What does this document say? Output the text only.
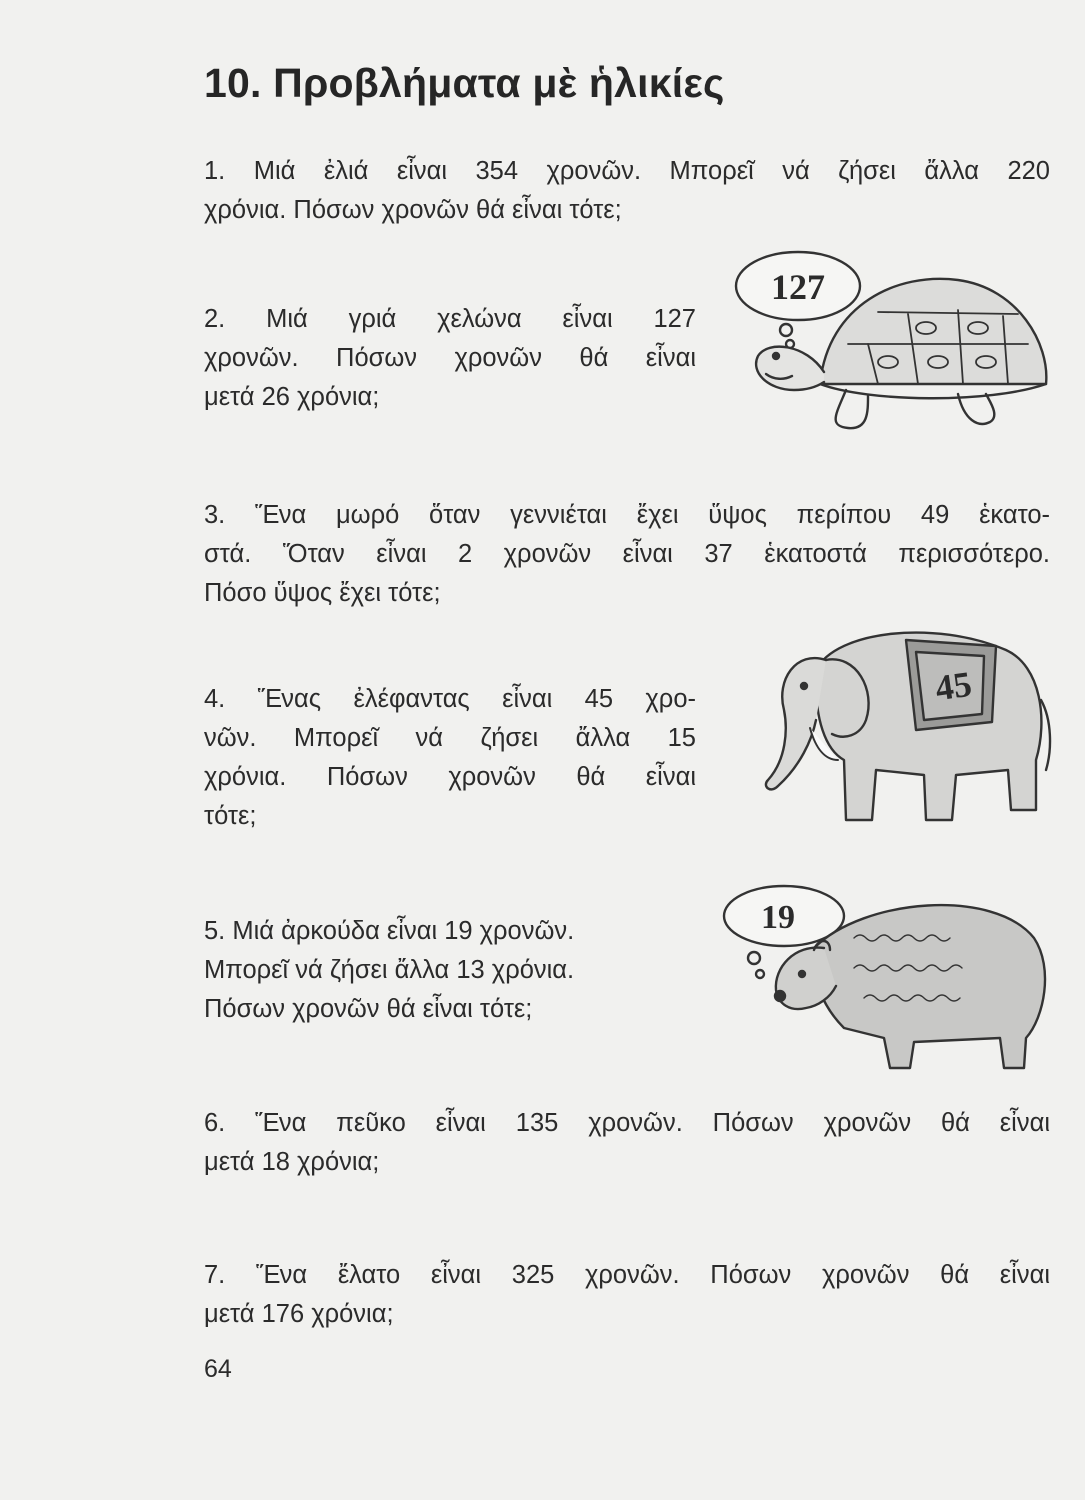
10. Προβλήματα μὲ ἡλικίες
1. Μιά ἐλιά εἶναι 354 χρονῶν. Μπορεῖ νά ζήσει ἄλλα 220
χρόνια. Πόσων χρονῶν θά εἶναι τότε;
2. Μιά γριά χελώνα εἶναι 127
χρονῶν. Πόσων χρονῶν θά εἶναι
μετά 26 χρόνια;
3. Ἕνα μωρό ὅταν γεννιέται ἔχει ὕψος περίπου 49 ἑκατο-
στά. Ὅταν εἶναι 2 χρονῶν εἶναι 37 ἑκατοστά περισσότερο.
Πόσο ὕψος ἔχει τότε;
4. Ἕνας ἐλέφαντας εἶναι 45 χρο-
νῶν. Μπορεῖ νά ζήσει ἄλλα 15
χρόνια. Πόσων χρονῶν θά εἶναι
τότε;
5. Μιά ἀρκούδα εἶναι 19 χρονῶν.
Μπορεῖ νά ζήσει ἄλλα 13 χρόνια.
Πόσων χρονῶν θά εἶναι τότε;
6. Ἕνα πεῦκο εἶναι 135 χρονῶν. Πόσων χρονῶν θά εἶναι
μετά 18 χρόνια;
7. Ἕνα ἔλατο εἶναι 325 χρονῶν. Πόσων χρονῶν θά εἶναι
μετά 176 χρόνια;
127
45
19
64
